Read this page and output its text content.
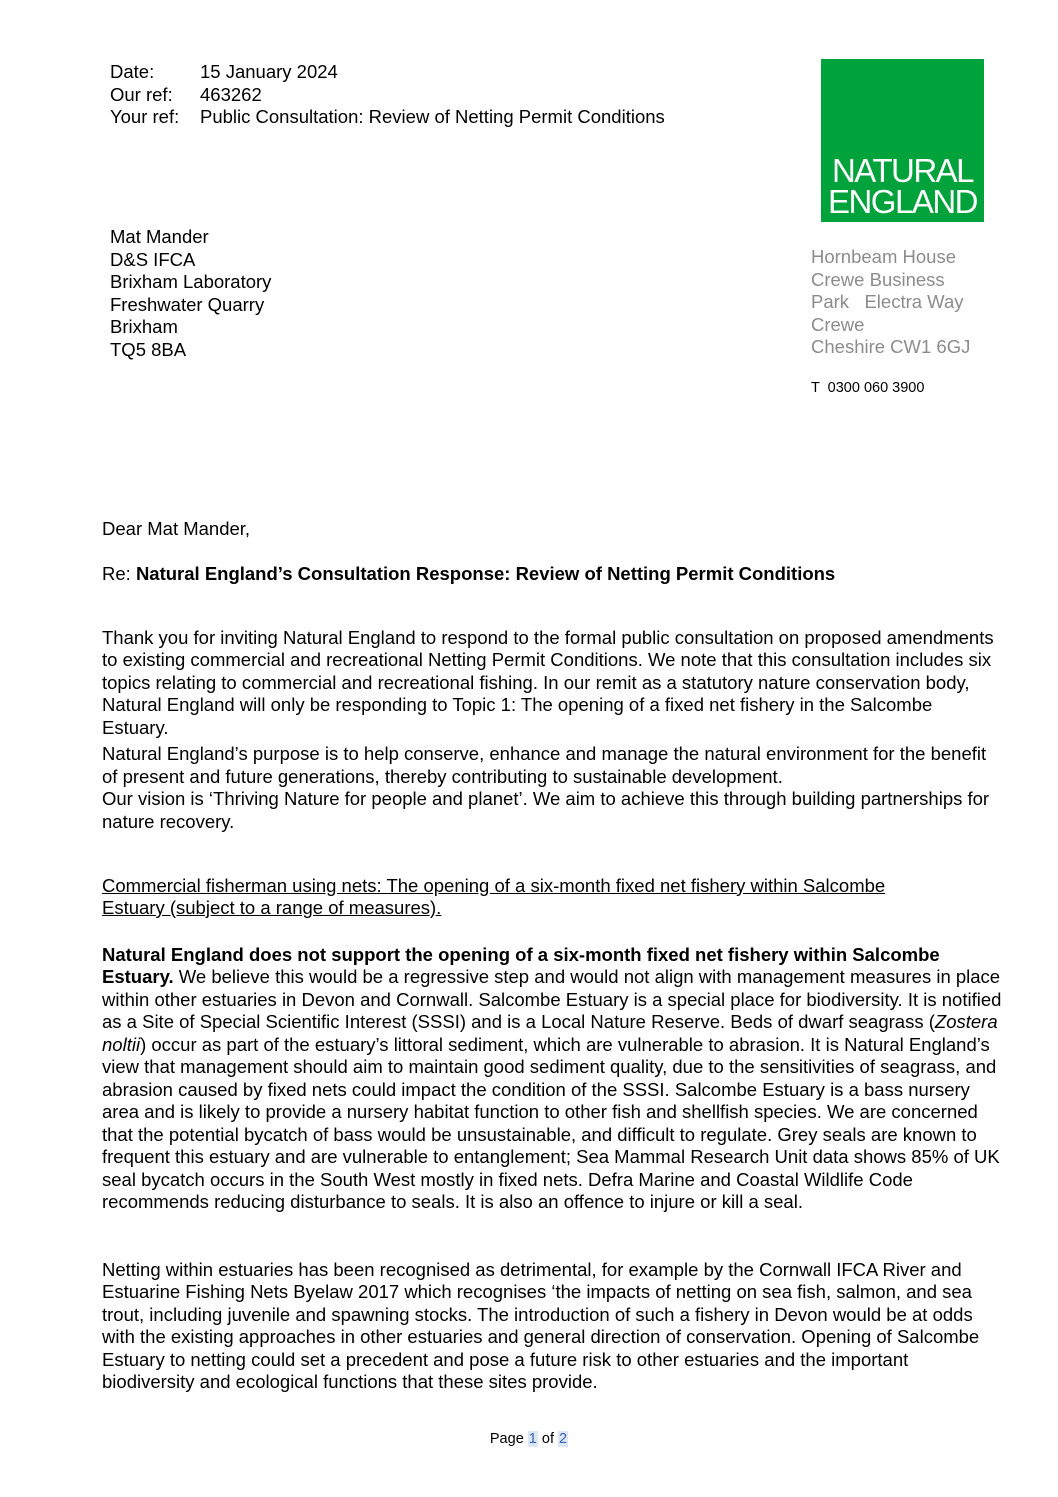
Date: 15 January 2024
Our ref: 463262
Your ref: Public Consultation: Review of Netting Permit Conditions
NATURAL
ENGLAND
Mat Mander
D&S IFCA
Brixham Laboratory
Freshwater Quarry
Brixham
TQ5 8BA
Hornbeam House
Crewe Business
Park   Electra Way
Crewe
Cheshire CW1 6GJ
T  0300 060 3900
Dear Mat Mander,
Re: Natural England’s Consultation Response: Review of Netting Permit Conditions

Thank you for inviting Natural England to respond to the formal public consultation on proposed amendments to existing commercial and recreational Netting Permit Conditions. We note that this consultation includes six topics relating to commercial and recreational fishing. In our remit as a statutory nature conservation body, Natural England will only be responding to Topic 1: The opening of a fixed net fishery in the Salcombe Estuary.

Natural England’s purpose is to help conserve, enhance and manage the natural environment for the benefit of present and future generations, thereby contributing to sustainable development.

Our vision is ‘Thriving Nature for people and planet’. We aim to achieve this through building partnerships for nature recovery.

Commercial fisherman using nets: The opening of a six-month fixed net fishery within Salcombe Estuary (subject to a range of measures).

Natural England does not support the opening of a six-month fixed net fishery within Salcombe Estuary. We believe this would be a regressive step and would not align with management measures in place within other estuaries in Devon and Cornwall. Salcombe Estuary is a special place for biodiversity. It is notified as a Site of Special Scientific Interest (SSSI) and is a Local Nature Reserve. Beds of dwarf seagrass (Zostera noltii) occur as part of the estuary’s littoral sediment, which are vulnerable to abrasion. It is Natural England’s view that management should aim to maintain good sediment quality, due to the sensitivities of seagrass, and abrasion caused by fixed nets could impact the condition of the SSSI. Salcombe Estuary is a bass nursery area and is likely to provide a nursery habitat function to other fish and shellfish species. We are concerned that the potential bycatch of bass would be unsustainable, and difficult to regulate. Grey seals are known to frequent this estuary and are vulnerable to entanglement; Sea Mammal Research Unit data shows 85% of UK seal bycatch occurs in the South West mostly in fixed nets. Defra Marine and Coastal Wildlife Code recommends reducing disturbance to seals. It is also an offence to injure or kill a seal.

Netting within estuaries has been recognised as detrimental, for example by the Cornwall IFCA River and Estuarine Fishing Nets Byelaw 2017 which recognises ‘the impacts of netting on sea fish, salmon, and sea trout, including juvenile and spawning stocks. The introduction of such a fishery in Devon would be at odds with the existing approaches in other estuaries and general direction of conservation. Opening of Salcombe Estuary to netting could set a precedent and pose a future risk to other estuaries and the important biodiversity and ecological functions that these sites provide.

Page 1 of 2
